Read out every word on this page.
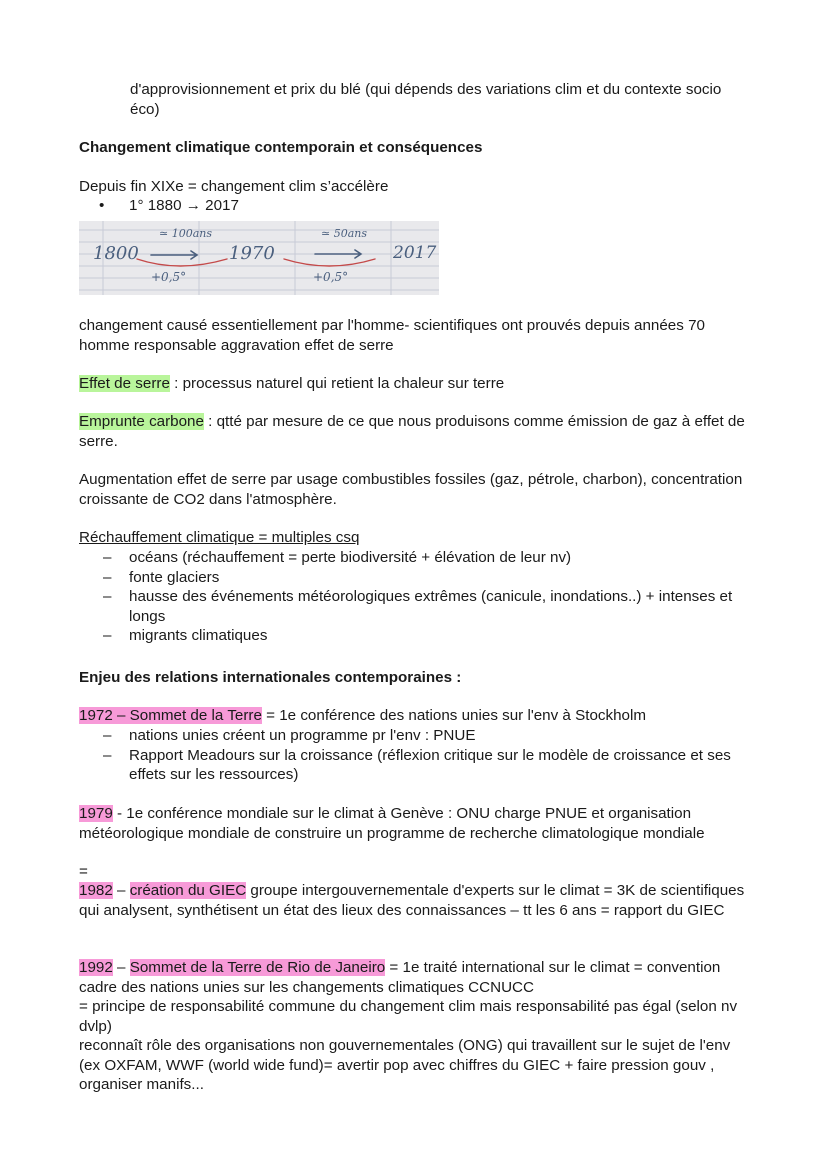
d'approvisionnement et prix du blé (qui dépends des variations clim et du contexte socio éco)

Changement climatique contemporain et conséquences

Depuis fin XIXe = changement clim s’accélère

• 1° 1880 → 2017
1800	1970	2017
≃ 100ans	≃ 50ans
+0,5°	+0,5°

changement causé essentiellement par l'homme- scientifiques ont prouvés depuis années 70 homme responsable aggravation effet de serre

Effet de serre : processus naturel qui retient la chaleur sur terre

Emprunte carbone : qtté par mesure de ce que nous produisons comme émission de gaz à effet de serre.

Augmentation effet de serre par usage combustibles fossiles (gaz, pétrole, charbon), concentration croissante de CO2 dans l'atmosphère.

Réchauffement climatique = multiples csq

– océans (réchauffement = perte biodiversité + élévation de leur nv)
– fonte glaciers
– hausse des événements météorologiques extrêmes (canicule, inondations..) + intenses et longs
– migrants climatiques

Enjeu des relations internationales contemporaines :

1972 – Sommet de la Terre = 1e conférence des nations unies sur l'env à Stockholm

– nations unies créent un programme pr l'env : PNUE
– Rapport Meadours sur la croissance (réflexion critique sur le modèle de croissance et ses effets sur les ressources)

1979 - 1e conférence mondiale sur le climat à Genève : ONU charge PNUE et organisation météorologique mondiale de construire un programme de recherche climatologique mondiale

=

1982 – création du GIEC groupe intergouvernementale d'experts sur le climat = 3K de scientifiques qui analysent, synthétisent un état des lieux des connaissances – tt les 6 ans = rapport du GIEC

1992 – Sommet de la Terre de Rio de Janeiro = 1e traité international sur le climat = convention cadre des nations unies sur les changements climatiques CCNUCC

= principe de responsabilité commune du changement clim mais responsabilité pas égal (selon nv dvlp)

reconnaît rôle des organisations non gouvernementales (ONG) qui travaillent sur le sujet de l'env (ex OXFAM, WWF (world wide fund)= avertir pop avec chiffres du GIEC + faire pression gouv , organiser manifs...
